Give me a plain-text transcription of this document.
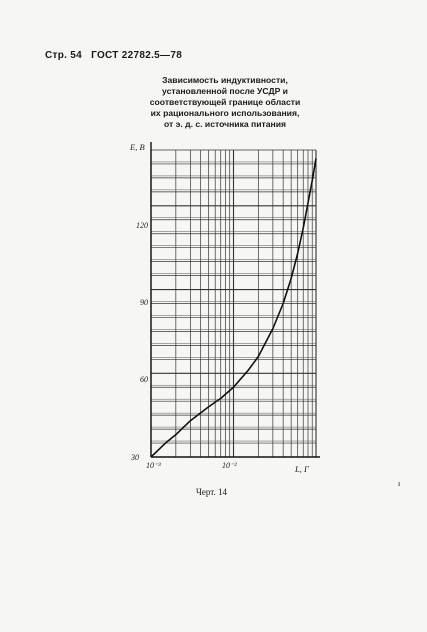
Стр. 54 ГОСТ 22782.5—78
Зависимость индуктивности,
установленной после УСДР и
соответствующей границе области
их рационального использования,
от э. д. с. источника питания
E, В
L, Г
120
90
60
30
10⁻³	10⁻²
Черт. 14
ı
